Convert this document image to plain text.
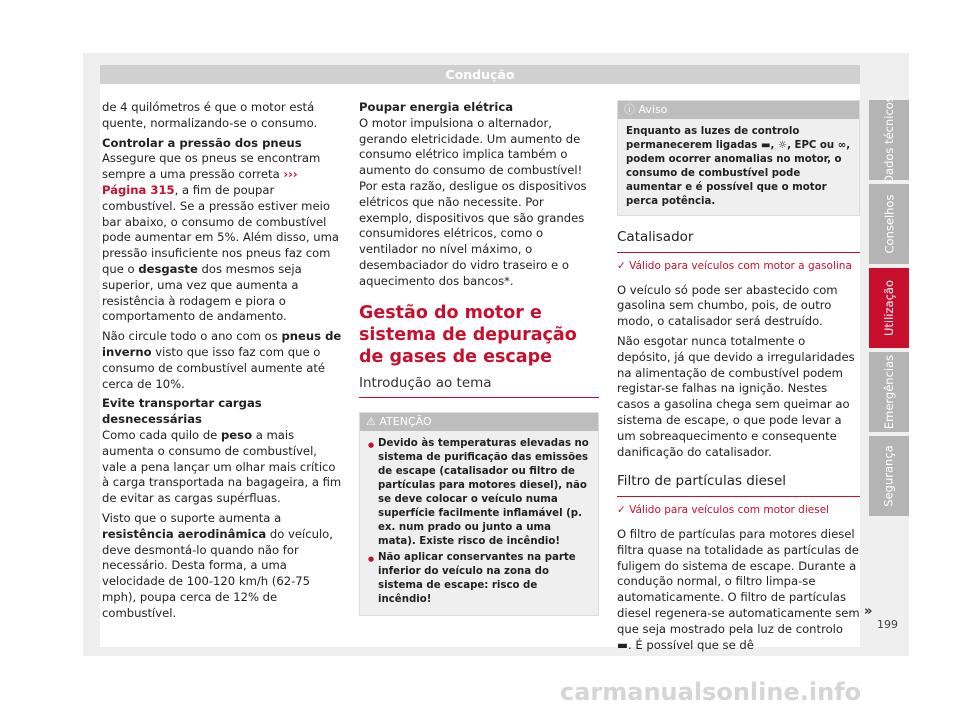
Condução

de 4 quilómetros é que o motor está quente, normalizando-se o consumo.

Controlar a pressão dos pneus

Assegure que os pneus se encontram sempre a uma pressão correta ››› Página 315, a fim de poupar combustível. Se a pressão estiver meio bar abaixo, o consumo de combustível pode aumentar em 5%. Além disso, uma pressão insuficiente nos pneus faz com que o desgaste dos mesmos seja superior, uma vez que aumenta a resistência à rodagem e piora o comportamento de andamento.

Não circule todo o ano com os pneus de inverno visto que isso faz com que o consumo de combustível aumente até cerca de 10%.

Evite transportar cargas desnecessárias

Como cada quilo de peso a mais aumenta o consumo de combustível, vale a pena lançar um olhar mais crítico à carga transportada na bagageira, a fim de evitar as cargas supérfluas.

Visto que o suporte aumenta a resistência aerodinâmica do veículo, deve desmontá-lo quando não for necessário. Desta forma, a uma velocidade de 100-120 km/h (62-75 mph), poupa cerca de 12% de combustível.

Poupar energia elétrica

O motor impulsiona o alternador, gerando eletricidade. Um aumento de consumo elétrico implica também o aumento do consumo de combustível! Por esta razão, desligue os dispositivos elétricos que não necessite. Por exemplo, dispositivos que são grandes consumidores elétricos, como o ventilador no nível máximo, o desembaciador do vidro traseiro e o aquecimento dos bancos*.

Gestão do motor e sistema de depuração de gases de escape
Introdução ao tema
⚠ ATENÇÃO
● Devido às temperaturas elevadas no sistema de purificação das emissões de escape (catalisador ou filtro de partículas para motores diesel), não se deve colocar o veículo numa superfície facilmente inflamável (p. ex. num prado ou junto a uma mata). Existe risco de incêndio!
● Não aplicar conservantes na parte inferior do veículo na zona do sistema de escape: risco de incêndio!
ⓘ Aviso
Enquanto as luzes de controlo permanecerem ligadas ▬, ☼, EPC ou ∞, podem ocorrer anomalias no motor, o consumo de combustível pode aumentar e é possível que o motor perca potência.
Catalisador
✓ Válido para veículos com motor a gasolina

O veículo só pode ser abastecido com gasolina sem chumbo, pois, de outro modo, o catalisador será destruído.

Não esgotar nunca totalmente o depósito, já que devido a irregularidades na alimentação de combustível podem registar-se falhas na ignição. Nestes casos a gasolina chega sem queimar ao sistema de escape, o que pode levar a um sobreaquecimento e consequente danificação do catalisador.

Filtro de partículas diesel
✓ Válido para veículos com motor diesel

O filtro de partículas para motores diesel filtra quase na totalidade as partículas de fuligem do sistema de escape. Durante a condução normal, o filtro limpa-se automaticamente. O filtro de partículas diesel regenera-se automaticamente sem que seja mostrado pela luz de controlo ▬. É possível que se dê

Dados técnicos
Conselhos
Utilização
Emergências
Segurança
»
199
carmanualsonline.info
